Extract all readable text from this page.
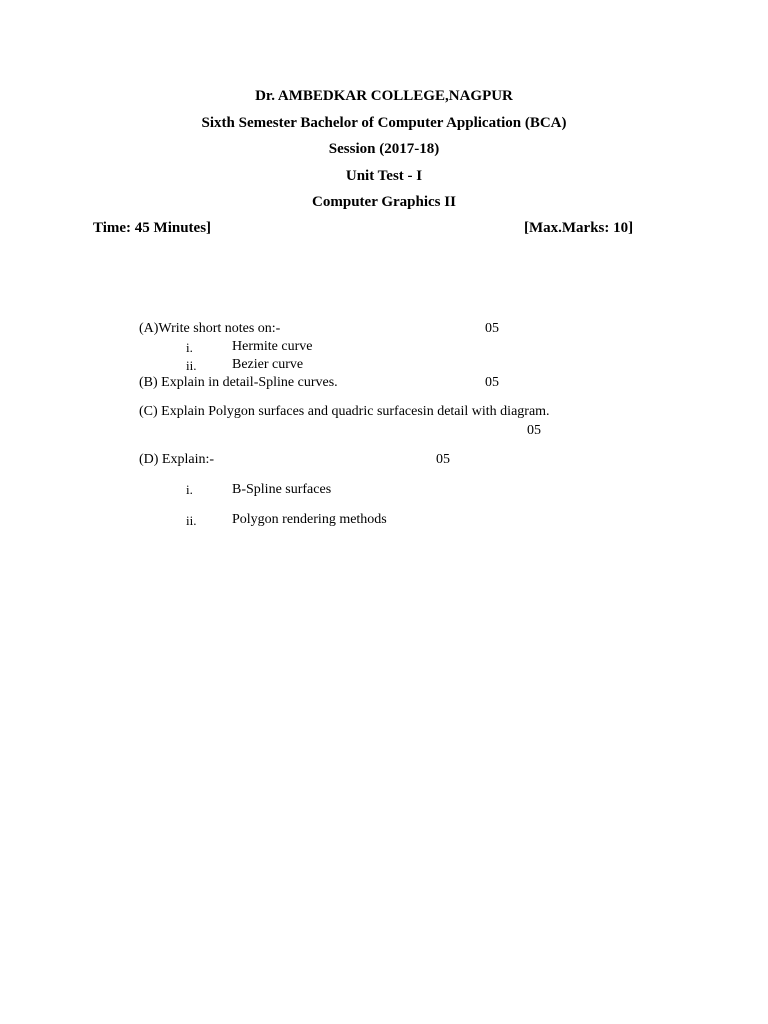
Dr. AMBEDKAR COLLEGE,NAGPUR
Sixth Semester Bachelor of Computer Application (BCA)
Session (2017-18)
Unit Test - I
Computer Graphics II
Time: 45 Minutes]	[Max.Marks: 10]
(A)Write short notes on:-	05
i.	Hermite curve
ii.	Bezier curve
(B) Explain in detail-Spline curves.	05
(C) Explain Polygon surfaces and quadric surfacesin detail with diagram.
05
(D) Explain:-	05
i.	B-Spline surfaces
ii.	Polygon rendering methods
